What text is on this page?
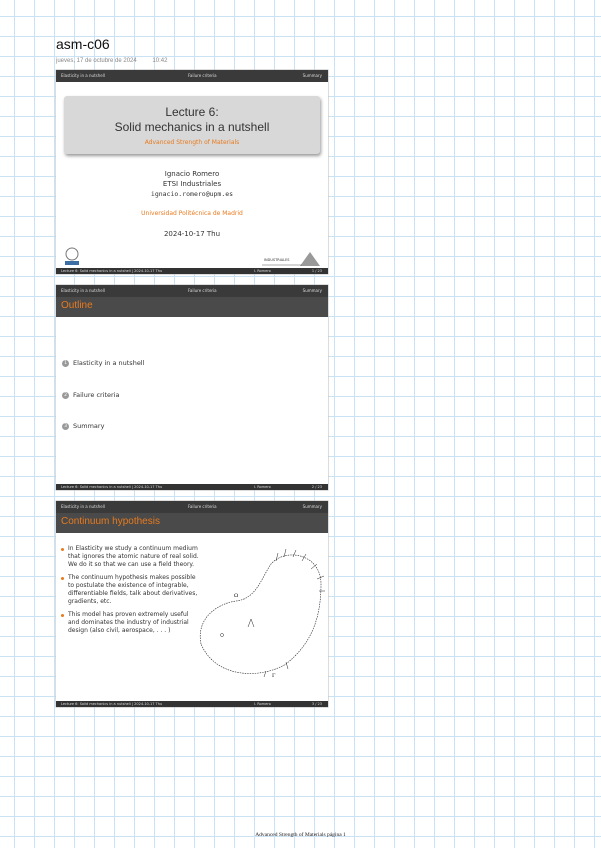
asm-c06
jueves, 17 de octubre de 2024	10:42
Elasticity in a nutshell	Failure criteria	Summary
Lecture 6:
Solid mechanics in a nutshell
Advanced Strength of Materials
Ignacio Romero
ETSI Industriales
ignacio.romero@upm.es
Universidad Politécnica de Madrid
2024-10-17 Thu
INDUSTRIALES
Lecture 6: Solid mechanics in a nutshell | 2024-10-17 Thu	I. Romero	1 / 23
Elasticity in a nutshell	Failure criteria	Summary
Outline
1 Elasticity in a nutshell
2 Failure criteria
3 Summary
Lecture 6: Solid mechanics in a nutshell | 2024-10-17 Thu	I. Romero	2 / 23
Elasticity in a nutshell	Failure criteria	Summary
Continuum hypothesis
In Elasticity we study a continuum medium that ignores the atomic nature of real solid. We do it so that we can use a field theory.
The continuum hypothesis makes possible to postulate the existence of integrable, differentiable fields, talk about derivatives, gradients, etc.
This model has proven extremely useful and dominates the industry of industrial design (also civil, aerospace, . . . )
Γ
Ω
Lecture 6: Solid mechanics in a nutshell | 2024-10-17 Thu	I. Romero	3 / 23
Advanced Strength of Materials página 1
